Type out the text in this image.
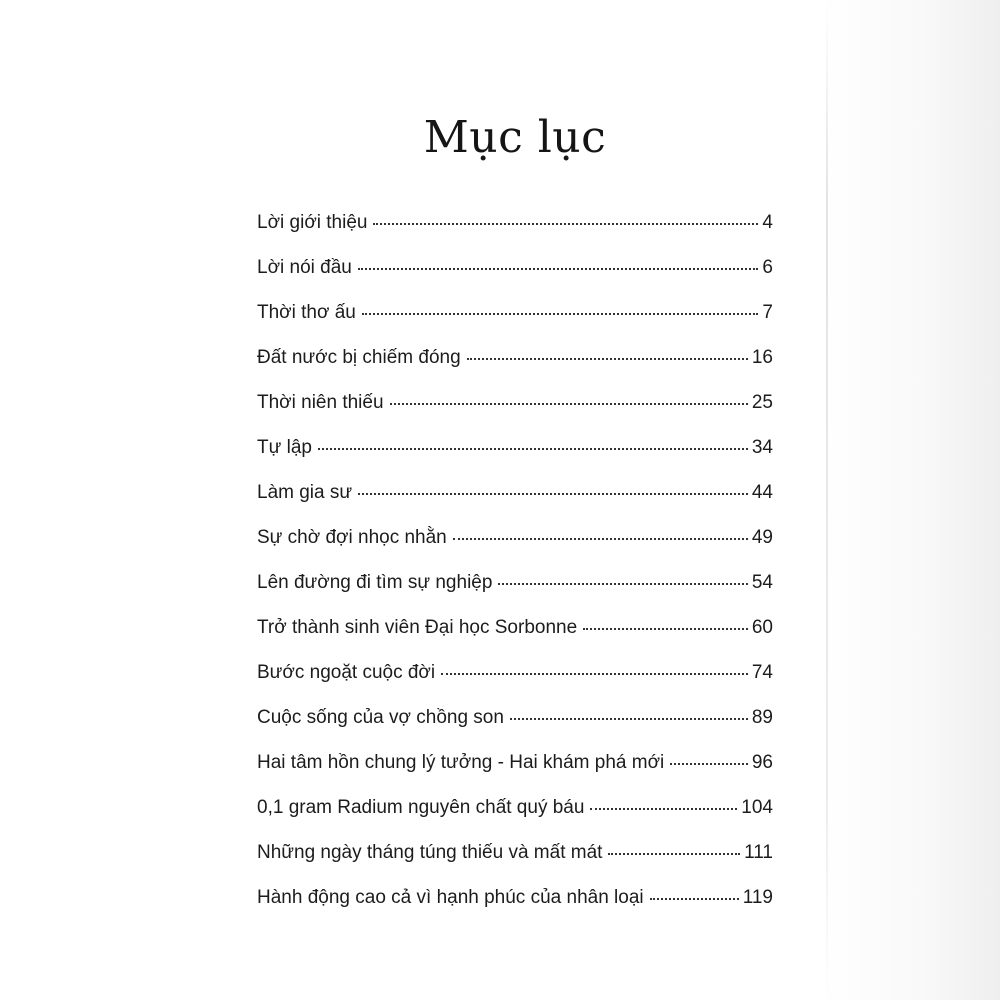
Mục lục
Lời giới thiệu	4
Lời nói đầu	6
Thời thơ ấu	7
Đất nước bị chiếm đóng	16
Thời niên thiếu	25
Tự lập	34
Làm gia sư	44
Sự chờ đợi nhọc nhằn	49
Lên đường đi tìm sự nghiệp	54
Trở thành sinh viên Đại học Sorbonne	60
Bước ngoặt cuộc đời	74
Cuộc sống của vợ chồng son	89
Hai tâm hồn chung lý tưởng - Hai khám phá mới	96
0,1 gram Radium nguyên chất quý báu	104
Những ngày tháng túng thiếu và mất mát	111
Hành động cao cả vì hạnh phúc của nhân loại	119
